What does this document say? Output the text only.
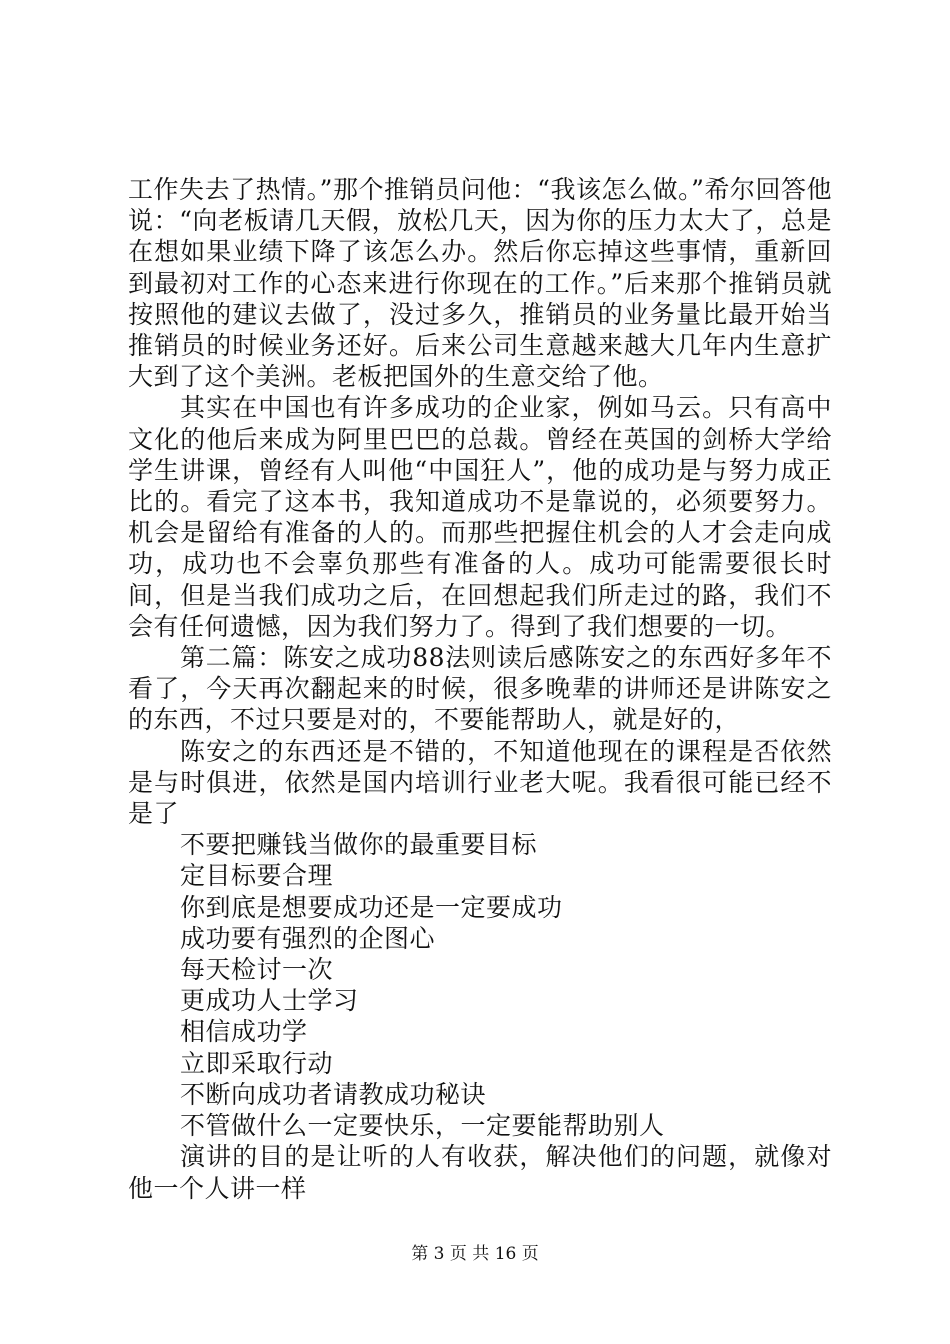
工作失去了热情。”那个推销员问他：“我该怎么做。”希尔回答他说：“向老板请几天假，放松几天，因为你的压力太大了，总是在想如果业绩下降了该怎么办。然后你忘掉这些事情，重新回到最初对工作的心态来进行你现在的工作。”后来那个推销员就按照他的建议去做了，没过多久，推销员的业务量比最开始当推销员的时候业务还好。后来公司生意越来越大几年内生意扩大到了这个美洲。老板把国外的生意交给了他。

其实在中国也有许多成功的企业家，例如马云。只有高中文化的他后来成为阿里巴巴的总裁。曾经在英国的剑桥大学给学生讲课，曾经有人叫他“中国狂人”，他的成功是与努力成正比的。看完了这本书，我知道成功不是靠说的，必须要努力。机会是留给有准备的人的。而那些把握住机会的人才会走向成功，成功也不会辜负那些有准备的人。成功可能需要很长时间，但是当我们成功之后，在回想起我们所走过的路，我们不会有任何遗憾，因为我们努力了。得到了我们想要的一切。

第二篇：陈安之成功88法则读后感陈安之的东西好多年不看了，今天再次翻起来的时候，很多晚辈的讲师还是讲陈安之的东西，不过只要是对的，不要能帮助人，就是好的，

陈安之的东西还是不错的，不知道他现在的课程是否依然是与时俱进，依然是国内培训行业老大呢。我看很可能已经不是了

不要把赚钱当做你的最重要目标

定目标要合理

你到底是想要成功还是一定要成功

成功要有强烈的企图心

每天检讨一次

更成功人士学习

相信成功学

立即采取行动

不断向成功者请教成功秘诀

不管做什么一定要快乐，一定要能帮助别人

演讲的目的是让听的人有收获，解决他们的问题，就像对他一个人讲一样

第 3 页 共 16 页
